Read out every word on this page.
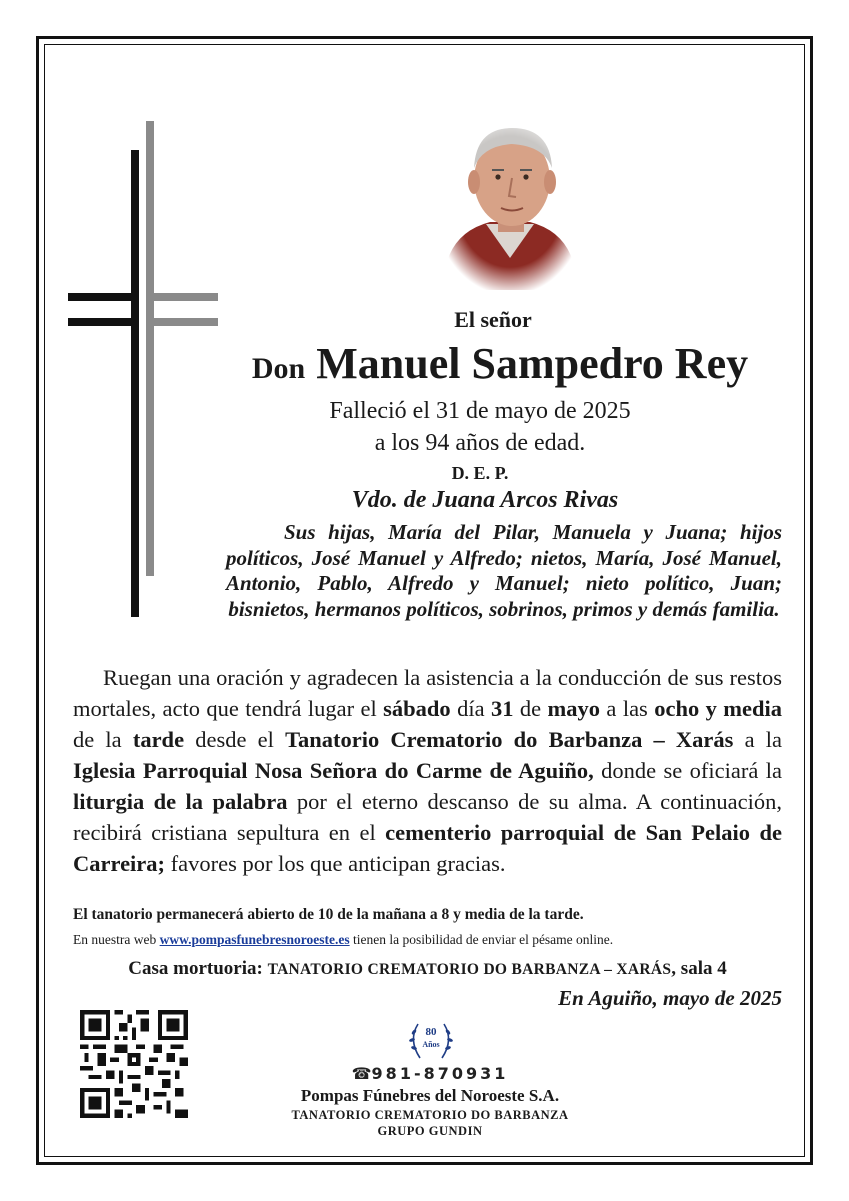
El señor
Don Manuel Sampedro Rey
Falleció el 31 de mayo de 2025
a los 94 años de edad.
D. E. P.
Vdo. de Juana Arcos Rivas
Sus hijas, María del Pilar, Manuela y Juana; hijos políticos, José Manuel y Alfredo; nietos, María, José Manuel, Antonio, Pablo, Alfredo y Manuel; nieto político, Juan; bisnietos, hermanos políticos, sobrinos, primos y demás familia.
Ruegan una oración y agradecen la asistencia a la conducción de sus restos mortales, acto que tendrá lugar el sábado día 31 de mayo a las ocho y media de la tarde desde el Tanatorio Crematorio do Barbanza – Xarás a la Iglesia Parroquial Nosa Señora do Carme de Aguiño, donde se oficiará la liturgia de la palabra por el eterno descanso de su alma. A continuación, recibirá cristiana sepultura en el cementerio parroquial de San Pelaio de Carreira; favores por los que anticipan gracias.
El tanatorio permanecerá abierto de 10 de la mañana a 8 y media de la tarde.
En nuestra web www.pompasfunebresnoroeste.es tienen la posibilidad de enviar el pésame online.
Casa mortuoria: TANATORIO CREMATORIO DO BARBANZA – XARÁS, sala 4
En Aguiño, mayo de 2025
80
Años
☎981-870931
Pompas Fúnebres del Noroeste S.A.
TANATORIO CREMATORIO DO BARBANZA
GRUPO GUNDIN
